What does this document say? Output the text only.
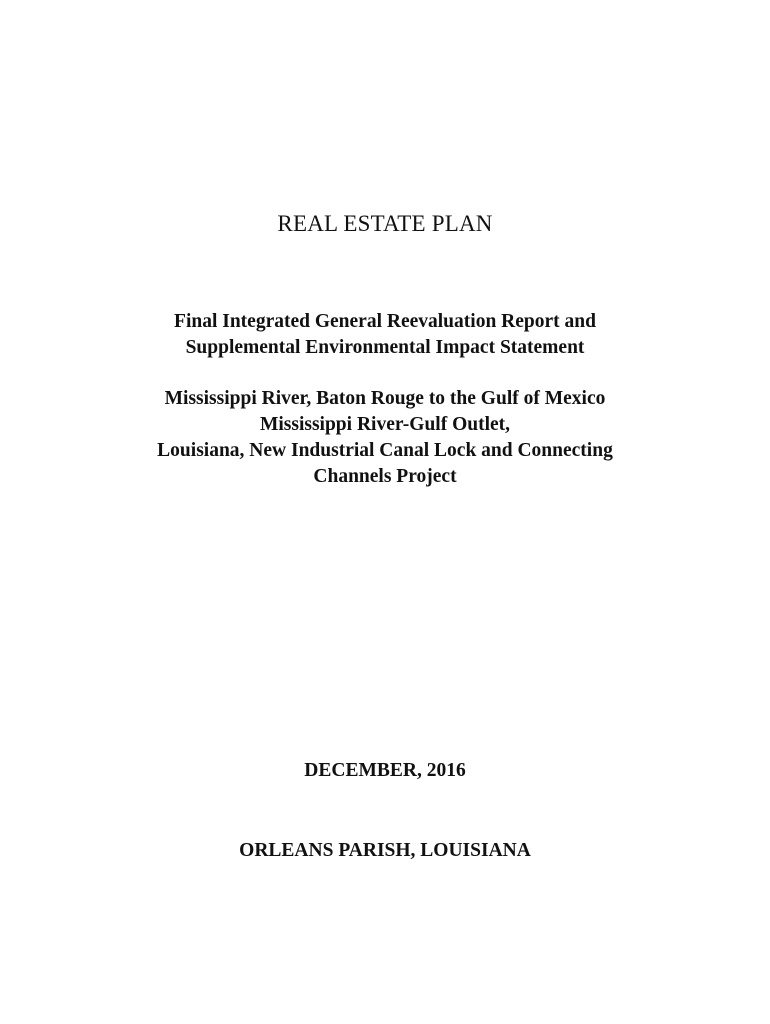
REAL ESTATE PLAN
Final Integrated General Reevaluation Report and
Supplemental Environmental Impact Statement
Mississippi River, Baton Rouge to the Gulf of Mexico
Mississippi River-Gulf Outlet,
Louisiana, New Industrial Canal Lock and Connecting
Channels Project
DECEMBER, 2016
ORLEANS PARISH, LOUISIANA
